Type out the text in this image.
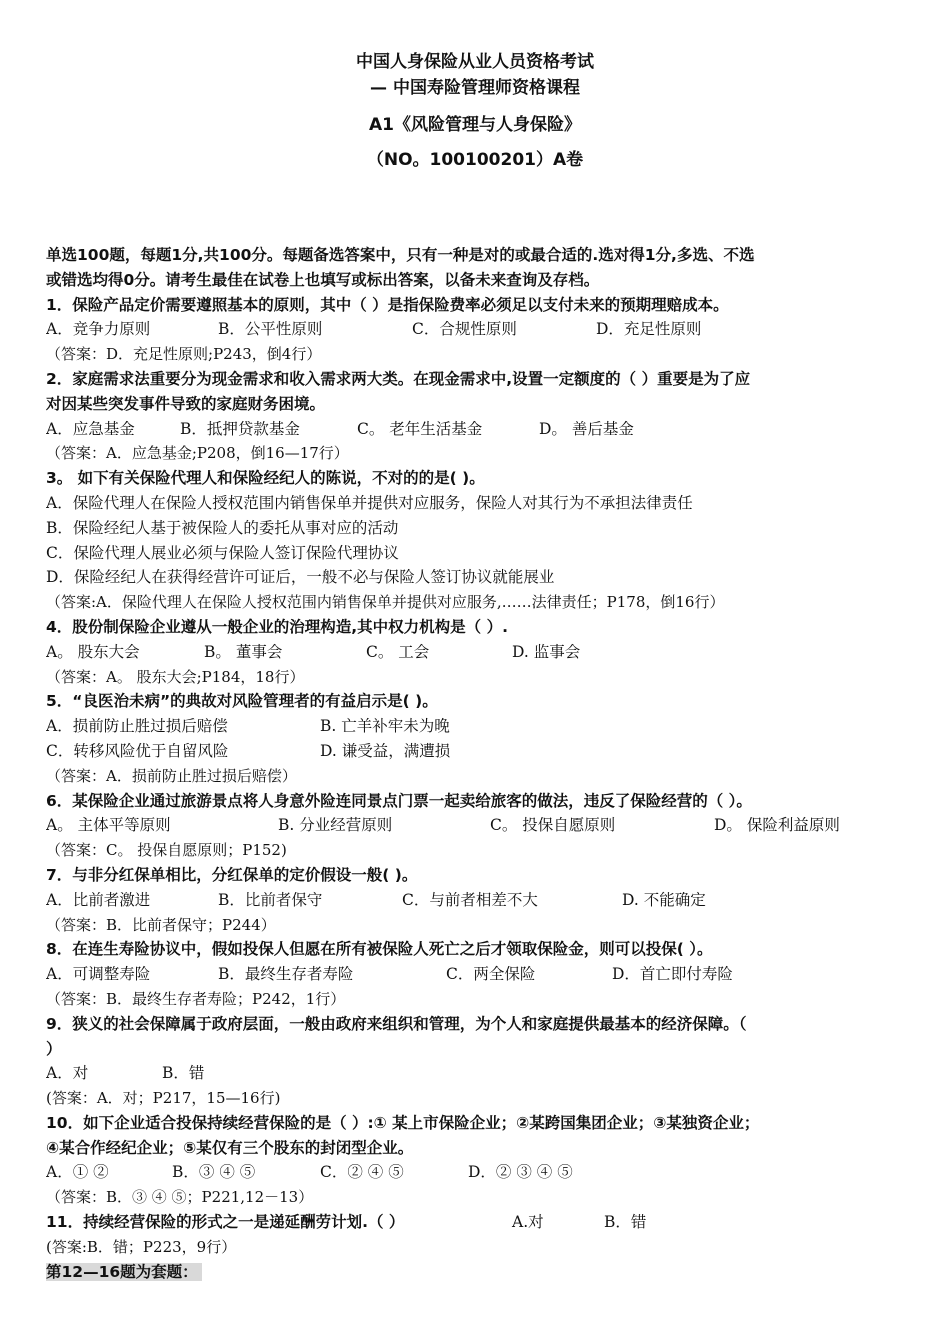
中国人身保险从业人员资格考试
— 中国寿险管理师资格课程
A1《风险管理与人身保险》
（NO。100100201）A卷
单选100题，每题1分,共100分。每题备选答案中，只有一种是对的或最合适的.选对得1分,多选、不选
或错选均得0分。请考生最佳在试卷上也填写或标出答案，以备未来查询及存档。
1．保险产品定价需要遵照基本的原则，其中（ ）是指保险费率必须足以支付未来的预期理赔成本。
A．竞争力原则	B．公平性原则	C．合规性原则	D．充足性原则
（答案：D．充足性原则;P243，倒4行）
2．家庭需求法重要分为现金需求和收入需求两大类。在现金需求中,设置一定额度的（ ）重要是为了应
对因某些突发事件导致的家庭财务困境。
A．应急基金	B．抵押贷款基金	C。 老年生活基金	D。 善后基金
（答案：A．应急基金;P208，倒16—17行）
3。 如下有关保险代理人和保险经纪人的陈说，不对的的是( )。
A．保险代理人在保险人授权范围内销售保单并提供对应服务，保险人对其行为不承担法律责任
B．保险经纪人基于被保险人的委托从事对应的活动
C．保险代理人展业必须与保险人签订保险代理协议
D．保险经纪人在获得经营许可证后，一般不必与保险人签订协议就能展业
（答案:A．保险代理人在保险人授权范围内销售保单并提供对应服务,……法律责任；P178，倒16行）
4．股份制保险企业遵从一般企业的治理构造,其中权力机构是（ ）.
A。 股东大会	B。 董事会	C。 工会	D. 监事会
（答案：A。 股东大会;P184，18行）
5．“良医治未病”的典故对风险管理者的有益启示是( )。
A．损前防止胜过损后赔偿	B. 亡羊补牢未为晚
C．转移风险优于自留风险	D. 谦受益，满遭损
（答案：A．损前防止胜过损后赔偿）
6．某保险企业通过旅游景点将人身意外险连同景点门票一起卖给旅客的做法，违反了保险经营的（ ）。
A。 主体平等原则	B. 分业经营原则	C。 投保自愿原则	D。 保险利益原则
（答案：C。 投保自愿原则；P152)
7．与非分红保单相比，分红保单的定价假设一般( )。
A．比前者激进	B．比前者保守	C．与前者相差不大	D. 不能确定
（答案：B．比前者保守；P244）
8．在连生寿险协议中，假如投保人但愿在所有被保险人死亡之后才领取保险金，则可以投保( ）。
A．可调整寿险	B．最终生存者寿险	C．两全保险	D．首亡即付寿险
（答案：B．最终生存者寿险；P242，1行）
9．狭义的社会保障属于政府层面，一般由政府来组织和管理，为个人和家庭提供最基本的经济保障。（
）
A．对	B．错
(答案：A．对；P217，15—16行)
10．如下企业适合投保持续经营保险的是（ ）:① 某上市保险企业；②某跨国集团企业；③某独资企业；
④某合作经纪企业；⑤某仅有三个股东的封闭型企业。
A．① ②	B．③ ④ ⑤	C．② ④ ⑤	D．② ③ ④ ⑤
（答案：B．③ ④ ⑤；P221,12－13）
11．持续经营保险的形式之一是递延酬劳计划.（ ）	A.对	B．错
(答案:B．错；P223，9行）
第12—16题为套题：
